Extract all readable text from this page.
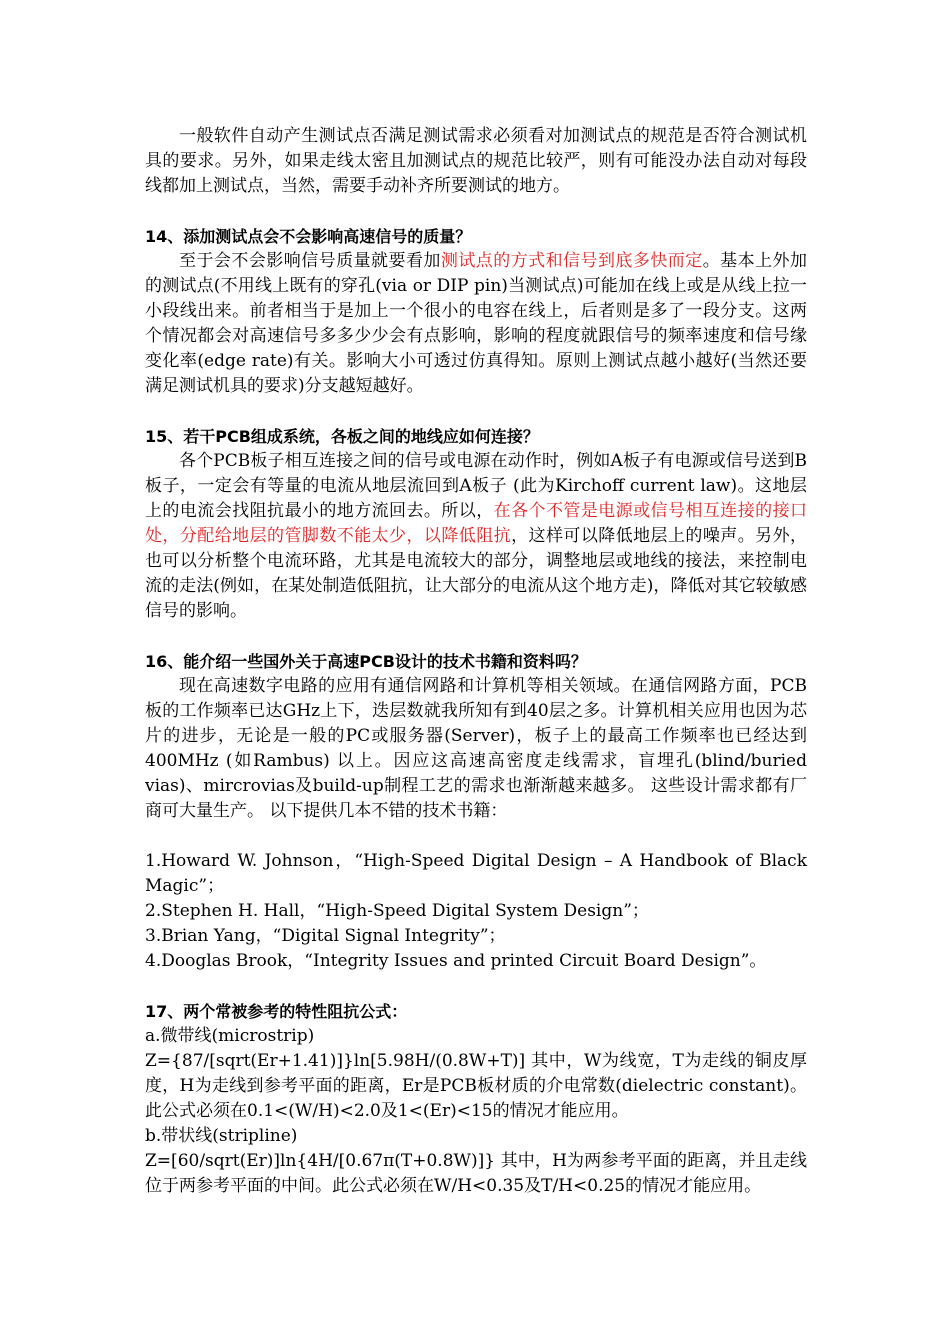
一般软件自动产生测试点否满足测试需求必须看对加测试点的规范是否符合测试机具的要求。另外，如果走线太密且加测试点的规范比较严，则有可能没办法自动对每段线都加上测试点，当然，需要手动补齐所要测试的地方。

14、添加测试点会不会影响高速信号的质量？

至于会不会影响信号质量就要看加测试点的方式和信号到底多快而定。基本上外加的测试点(不用线上既有的穿孔(via or DIP pin)当测试点)可能加在线上或是从线上拉一小段线出来。前者相当于是加上一个很小的电容在线上，后者则是多了一段分支。这两个情况都会对高速信号多多少少会有点影响，影响的程度就跟信号的频率速度和信号缘变化率(edge rate)有关。影响大小可透过仿真得知。原则上测试点越小越好(当然还要满足测试机具的要求)分支越短越好。

15、若干PCB组成系统，各板之间的地线应如何连接？

各个PCB板子相互连接之间的信号或电源在动作时，例如A板子有电源或信号送到B板子，一定会有等量的电流从地层流回到A板子 (此为Kirchoff current law)。这地层上的电流会找阻抗最小的地方流回去。所以，在各个不管是电源或信号相互连接的接口处，分配给地层的管脚数不能太少，以降低阻抗，这样可以降低地层上的噪声。另外，也可以分析整个电流环路，尤其是电流较大的部分，调整地层或地线的接法，来控制电流的走法(例如，在某处制造低阻抗，让大部分的电流从这个地方走)，降低对其它较敏感信号的影响。

16、能介绍一些国外关于高速PCB设计的技术书籍和资料吗？

现在高速数字电路的应用有通信网路和计算机等相关领域。在通信网路方面，PCB板的工作频率已达GHz上下，迭层数就我所知有到40层之多。计算机相关应用也因为芯片的进步，无论是一般的PC或服务器(Server)，板子上的最高工作频率也已经达到400MHz (如Rambus) 以上。因应这高速高密度走线需求，盲埋孔(blind/buried vias)、mircrovias及build-up制程工艺的需求也渐渐越来越多。 这些设计需求都有厂商可大量生产。 以下提供几本不错的技术书籍：

1.Howard W. Johnson，“High-Speed Digital Design – A Handbook of Black Magic”；

2.Stephen H. Hall，“High-Speed Digital System Design”；

3.Brian Yang，“Digital Signal Integrity”；

4.Dooglas Brook，“Integrity Issues and printed Circuit Board Design”。

17、两个常被参考的特性阻抗公式：

a.微带线(microstrip)

Z={87/[sqrt(Er+1.41)]}ln[5.98H/(0.8W+T)] 其中，W为线宽，T为走线的铜皮厚度，H为走线到参考平面的距离，Er是PCB板材质的介电常数(dielectric constant)。此公式必须在0.1<(W/H)<2.0及1<(Er)<15的情况才能应用。

b.带状线(stripline)

Z=[60/sqrt(Er)]ln{4H/[0.67π(T+0.8W)]} 其中，H为两参考平面的距离，并且走线位于两参考平面的中间。此公式必须在W/H<0.35及T/H<0.25的情况才能应用。
